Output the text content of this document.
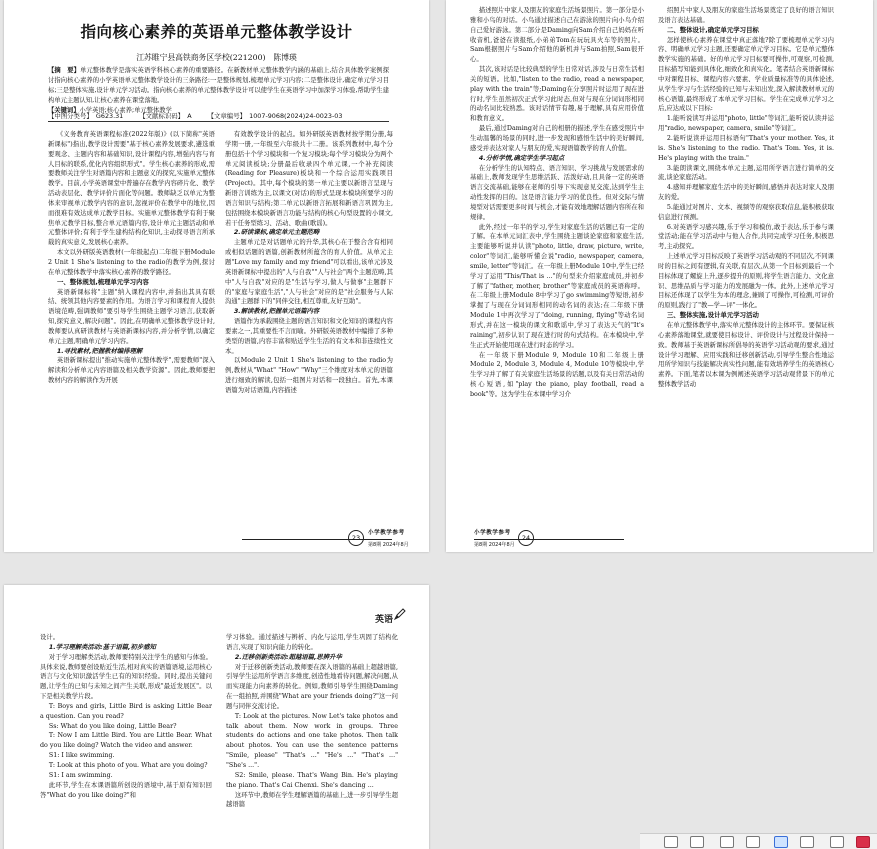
指向核心素养的英语单元整体教学设计
江苏睢宁县高铁商务区学校(221200)　陈博瑛
【摘　要】单元整体教学是落实英语学科核心素养的重要路径。在新教材单元整体教学内涵的基础上,结合具体教学案例探讨指向核心素养的小学英语单元整体教学设计的三条路径:一是整体规划,梳理单元学习内容;二是整体设计,确定单元学习目标;三是整体实施,设计单元学习活动。指向核心素养的单元整体教学设计可以使学生在英语学习中加深学习体验,帮助学生建构单元主题认知,让核心素养在课堂落地。
【关键词】小学英语;核心素养;单元整体教学
【中图分类号】　G623.31	【文献标识码】　A	【文章编号】　1007-9068(2024)24-0023-03

《义务教育英语课程标准(2022年版)》(以下简称"英语新课标")指出,教学设计需要"基于核心素养发展要求,遴选重要观念、主题内容和基础知识,设计课程内容,增强内容与育人目标的联系,优化内容组织形式"。学生核心素养的形成,需要教师关注学生对语篇内容和主题意义的探究,实施单元整体教学。目前,小学英语课堂中普遍存在教学内容碎片化、教学活动表层化、教学评价片面化等问题。教师缺乏以单元为整体来审视单元教学内容的意识,忽视评价在教学中的地位,因而很难有效达成单元教学目标。实施单元整体教学有利于聚焦单元教学目标,整合单元语篇内容,设计单元主题活动和单元整体评价;有利于学生建构结构化知识,主动探寻语言所承载的真实意义,发展核心素养。

本文以外研版英语教材(一年级起点)二年级下册Module 2 Unit 1 She's listening to the radio的教学为例,探讨在单元整体教学中落实核心素养的教学路径。

一、整体规划,梳理单元学习内容

英语新课标将"主题"纳入课程内容中,并指出其具有联结、统领其他内容要素的作用。为语言学习和课程育人提供语境范畴,强调教师"要引导学生围绕主题学习语言,获取新知,探究意义,解决问题"。因此,在明确单元整体教学设计时,教师要认真研读教材与英语新课标内容,并分析学情,以确定单元主题,明确单元学习内容。

1.寻找素材,把握教材编排理解

英语新课标提出"推动实施单元整体教学",需要教师"深入解读和分析单元内容语篇及相关教学资源"。因此,教师要把教材内容的解读作为开展

有效教学设计的起点。如外研版英语教材按学期分册,每学期一册,一年级至六年级共十二册。该系列教材中,每个分册包括十个学习模块和一个复习模块;每个学习模块分为两个单元阅读板块;分册最后收录四个单元课,一个补充阅读(Reading for Pleasure)板块和一个综合运用实践项目(Project)。其中,每个模块的第一单元主要以新语言呈现与新语言训练为主,以课文(对话)的形式呈现本模块所要学习的语言知识与结构;第二单元以新语言拓展和新语言巩固为主,包括围绕本模块新语言功能与结构的核心句型设置的小课文,若干任务型练习、活动、歌曲(歌谣)。

2.研读课标,确定单元主题范畴

主题单元是对话题单元的升华,其核心在于整合含有相同或相似话题的语篇,创新教材所蕴含的育人价值。从单元主题"Love my family and my friend"可以看出,该单元涉及英语新课标中提出的"人与自我""人与社会"两个主题范畴,其中"人与自我"对应的是"生活与学习,做人与做事"主题群下的"家庭与家庭生活","人与社会"对应的是"社会服务与人际沟通"主题群下的"同伴交往,相互尊重,友好互助"。

3.解读教材,把握单元语篇内容

语篇作为承载围绕主题的语言知识和文化知识的课程内容要素之一,其重要性不言而喻。外研版英语教材中编排了多种类型的语篇,内容丰富和贴近学生生活的有文本和非连续性文本。

以Module 2 Unit 1 She's listening to the radio为例,教材从"What" "How" "Why"三个维度对本单元的语篇进行细致的解读,包括一组图片对话和一段独白。首先,本课语篇为对话语篇,内容描述

23
小学教学参考
第8期 2024年8月

描述照片中家人及朋友的家庭生活场景照片。第一部分是小雅和小鸟的对话。小鸟通过描述自己在游泳的照片向小鸟介绍自己爱好游泳。第二部分是Daming向Sam介绍自己妈妈在听收音机,爸爸在读报纸,小弟弟Tom在玩玩具火车等的照片。Sam根据照片与Sam介绍他的新机并与Sam拍照,Sam很开心。

其次,该对话是比较典型的学生日常对话,涉及与日常生活相关的短语。比如,"listen to the radio, read a newspaper, play with the train"等;Daming在分享照片时运用了现在进行时,学生虽然初次正式学习此时态,但对与现在分词词形相同的动名词比较熟悉。该对话情节有趣,易于理解,具有应用价值和教育意义。

最后,通过Daming对自己的相册的描述,学生在感受照片中生动温馨的场景的同时,进一步发现和感悟生活中的美好瞬间,感受并表达对家人与朋友的爱,实现语篇教学的育人价值。

4.分析学情,确定学生学习起点

在分析学生的认知特点、语言知识、学习挑战与发展需求的基础上,教师发现学生思维活跃、活泼好动,且具备一定的英语语言交流基础,能够在老师的引导下实现意见交流,达到学生主动性发挥的目的。这是语言能力学习的优良性。但对交际与情境型对话需要更多时间与机会,才能有效地理解话题内容所在和规律。

此外,经过一年半的学习,学生对家庭生活的话题已有一定的了解。在本单元词汇表中,学生围绕主题谈论家庭和家庭生活,主要能够听说并认读"photo, little, draw, picture, write, color"等词汇,能够听懂会说"radio, newspaper, camera, smile, letter"等词汇。在一年级上册Module 10中,学生已经学习了运用"This/That is ..."的句型来介绍家庭成员,并初步了解了"father, mother, brother"等家庭成员的英语称呼。在二年级上册Module 8中学习了go swimming等短语,初步掌握了与现在分词词形相同的动名词的表达;在二年级下册Module 1中再次学习了"doing, running, flying"等动名词形式,并在这一模块的课文和歌谣中,学习了表达天气的"It's raining",初步认识了现在进行时的句式结构。在本模块中,学生正式开始使用现在进行时态的学习。

在一年级下册Module 9, Module 10和二年级上册Module 2, Module 3, Module 4, Module 10等模块中,学生学习并了解了有关家庭生活场景的话题,以及有关日常活动的核心短语,如"play the piano, play football, read a book"等。这为学生在本课中学习介

绍照片中家人及朋友的家庭生活场景奠定了良好的语言知识及语言表达基础。

二、整体设计,确定单元学习目标

怎样使核心素养在课堂中真正落地?除了要梳理单元学习内容、明确单元学习主题,还要确定单元学习目标。它是单元整体教学实施的基础。好的单元学习目标要可操作,可观察,可检测,目标描写知能到具体化,细致化和真实化。笔者结合英语新课标中对课程目标、课程内容六要素、学业质量标准等的具体论述,从学生学习与生活经验的已知与未知出发,深入解读教材单元的核心语篇,最终形成了本单元学习目标。学生在完成单元学习之后,应达成以下目标:

1.能听说读写并运用"photo, little"等词汇,能听说认读并运用"radio, newspaper, camera, smile"等词汇。

2.能听说读并运用目标语句"That's your mother. Yes, it is. She's listening to the radio. That's Tom. Yes, it is. He's playing with the train."

3.能朗读课文,围绕本单元主题,运用所学语言进行简单的交流,谈论家庭活动。

4.感知并理解家庭生活中的美好瞬间,感悟并表达对家人及朋友的爱。

5.能通过对图片、文本、视频等的观察获取信息,能积极获取信息进行预测。

6.对英语学习感兴趣,乐于学习和模仿,敢于表达,乐于参与课堂活动;能在学习活动中与他人合作,共同完成学习任务,积极思考,主动探究。

上述单元学习目标反映了英语学习活动观的不同层次,不同课时的目标之间有逻辑,有关联,有层次,从第一个目标到最后一个目标体现了螺旋上升,逐步提升的原则,将学生语言能力、文化意识、思维品质与学习能力的发展融为一体。此外,上述单元学习目标还体现了以学生为本的理念,兼顾了可操作,可检测,可评价的原则,践行了"教—学—评"一体化。

三、整体实施,设计单元学习活动

在单元整体教学中,落实单元整体设计的主体环节。要保证核心素养落地课堂,就要使目标设计、评价设计与过程设计保持一致。教师基于英语新课标所倡导的英语学习活动观的要求,通过设计学习理解、应用实践和迁移创新活动,引导学生整合性地运用所学知识与技能解决真实性问题,能有效培养学生的英语核心素养。下面,笔者以本课为例阐述英语学习活动观背景下的单元整体教学活动

小学教学参考
第8期 2024年8月
24
英语

设计。

1.学习理解类活动:基于语篇,初步感知

对于学习理解类活动,教师要特别关注学生的感知与体验。具体来说,教师要创设贴近生活,相对真实的语篇语境,运用核心语言与文化知识激活学生已有的知识经验。同时,提出关键问题,让学生的已知与未知之间产生关联,形成"最近发展区"。以下是相关教学片段。

T: Boys and girls, Little Bird is asking Little Bear a question. Can you read?

Ss: What do you like doing, Little Bear?

T: Now I am Little Bird. You are Little Bear. What do you like doing? Watch the video and answer.

S1: I like swimming.

T: Look at this photo of you. What are you doing?

S1: I am swimming.

此环节,学生在本课语篇所创设的语境中,基于原有知识回答"What do you like doing?"和

学习体验。通过描述与辨析、内化与运用,学生巩固了结构化语言,实现了知识向能力的转化。

2.迁移创新类活动:超越语篇,思辨升华

对于迁移创新类活动,教师要在深入语篇的基础上超越语篇,引导学生运用所学语言多维度,创造性地看待问题,解决问题,从而实现能力向素养的转化。例如,教师引导学生围绕Daming在一组拍照,并围绕"What are your friends doing?"这一问题与同伴交流讨论。

T: Look at the pictures. Now Let's take photos and talk about them. Now work in groups. Three students do actions and one take photos. Then talk about photos. You can use the sentence patterns "Smile, please" "That's ..." "He's ..." "That's ..." "She's ...".

S2: Smile, please. That's Wang Bin. He's playing the piano. That's Cai Chenxi. She's dancing ...

这环节中,教师在学生理解语篇的基础上,进一步引导学生超越语篇
